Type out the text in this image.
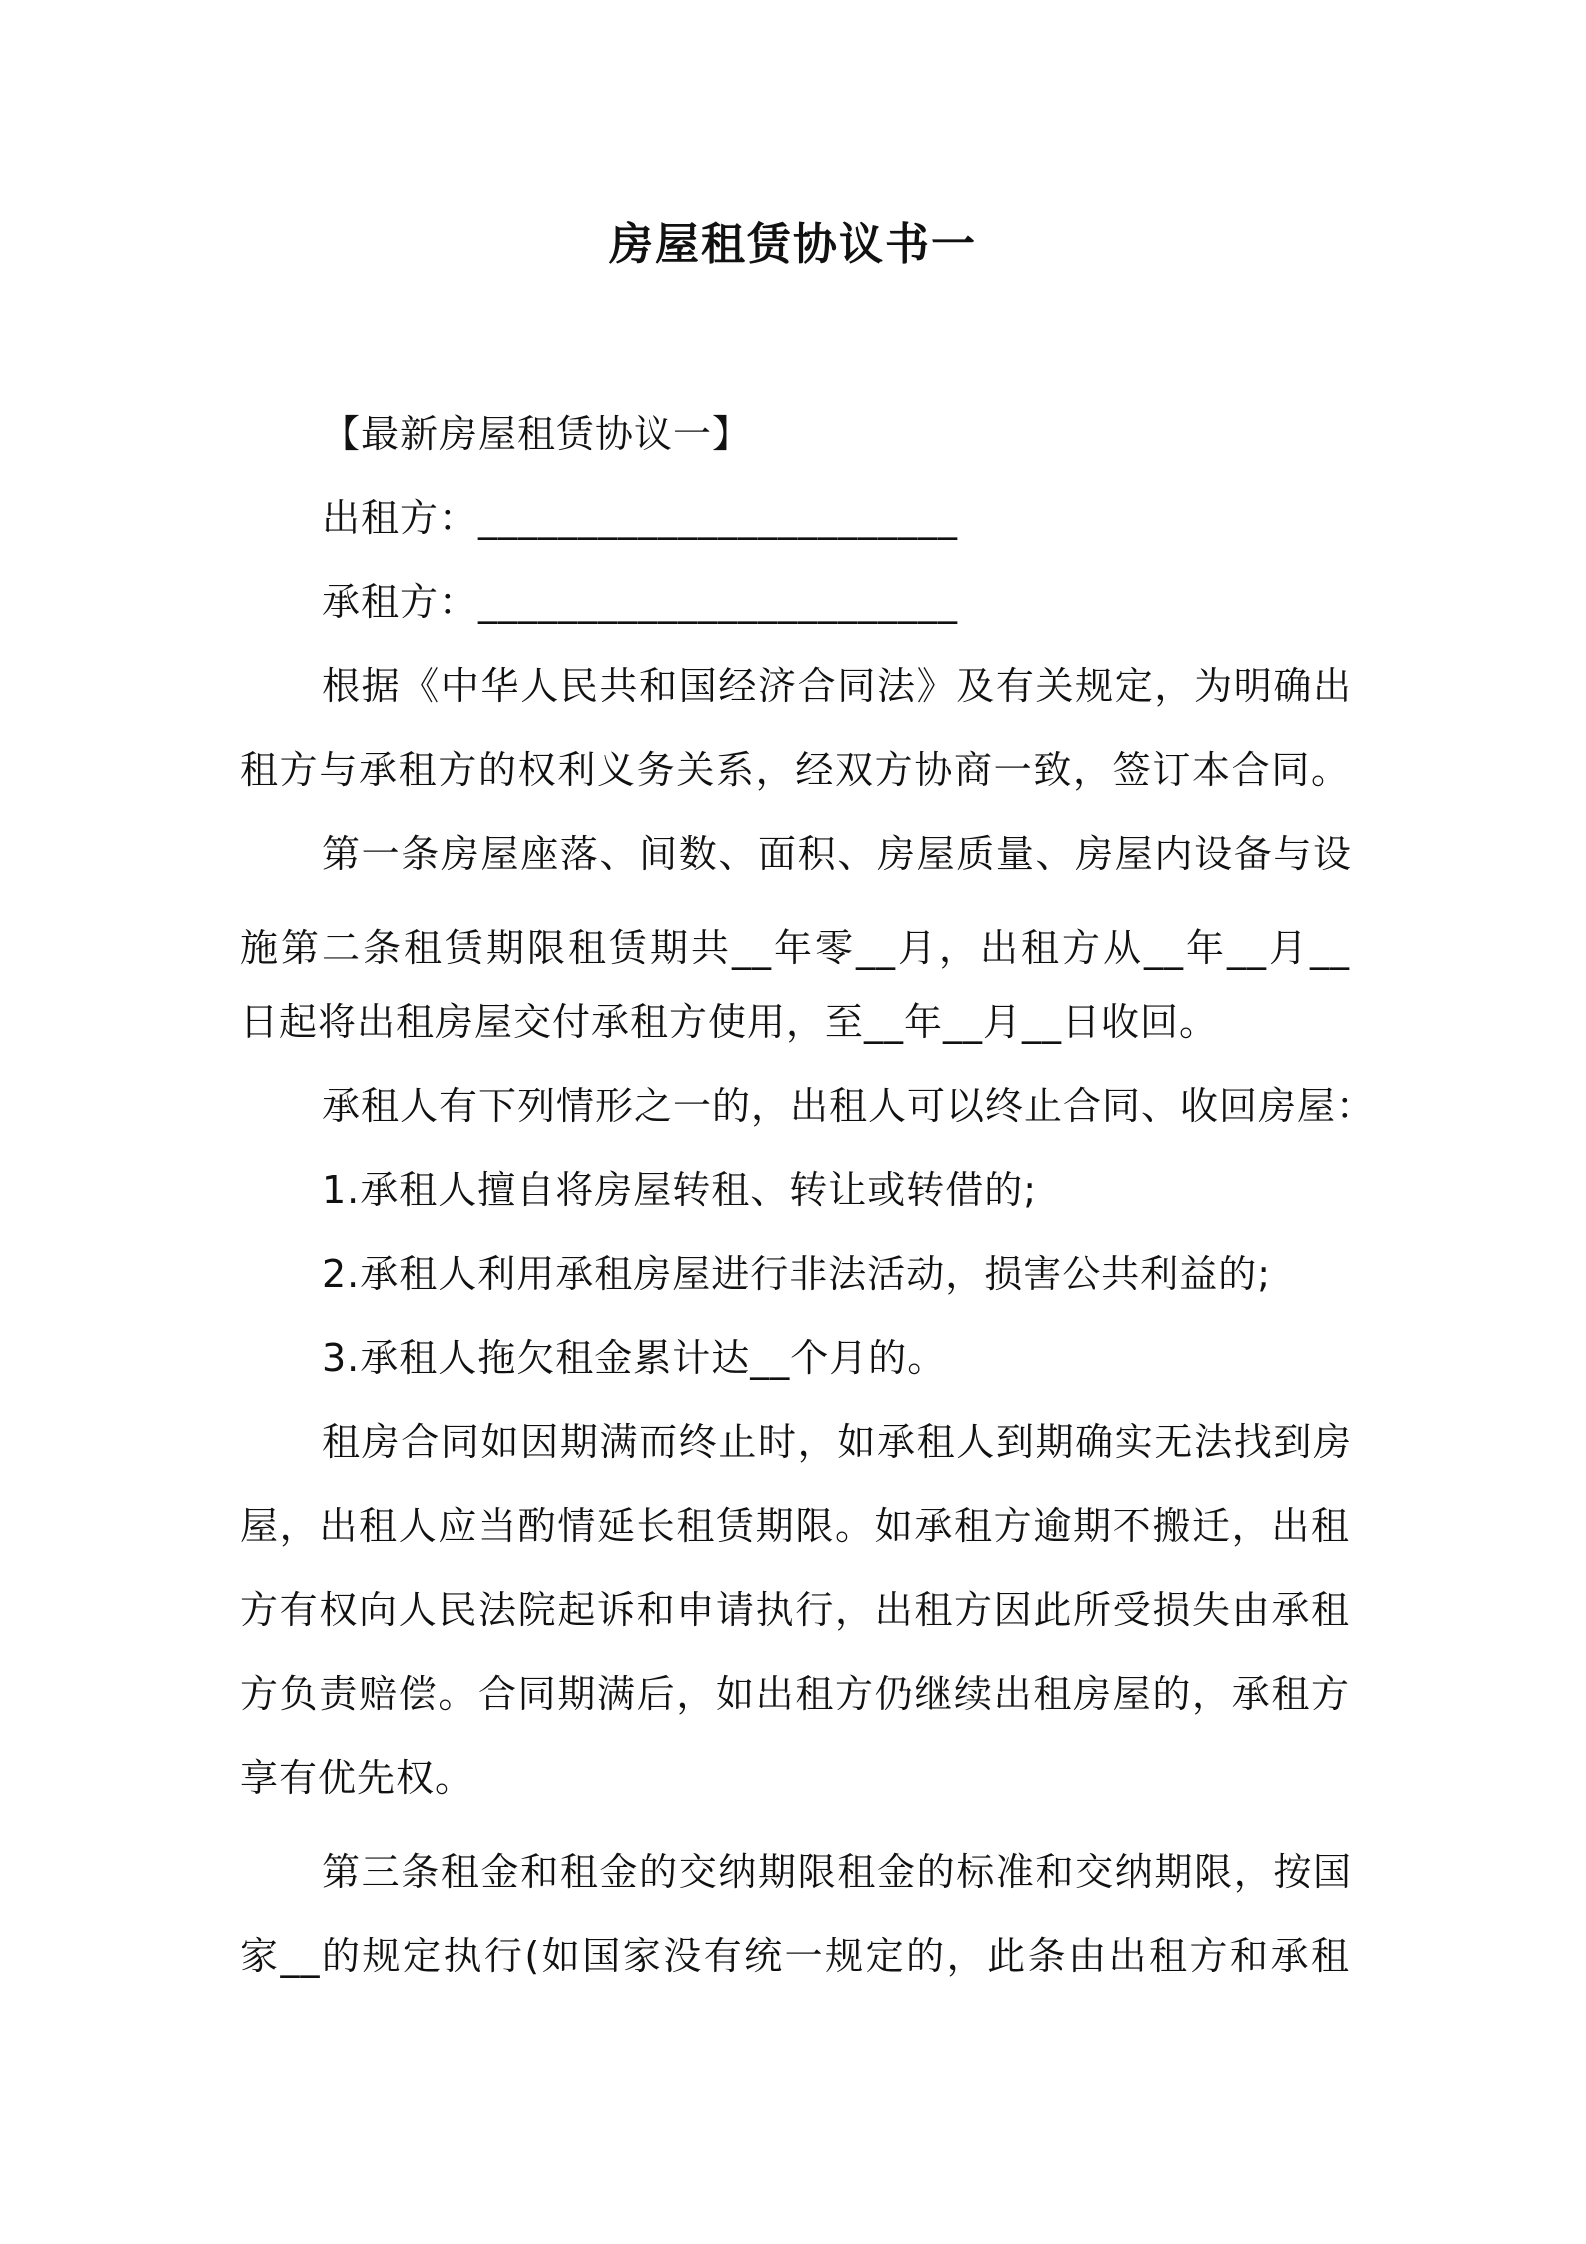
房屋租赁协议书一
【最新房屋租赁协议一】
出租方：________________________
承租方：________________________
根据《中华人民共和国经济合同法》及有关规定，为明确出
租方与承租方的权利义务关系，经双方协商一致，签订本合同。
第一条房屋座落、间数、面积、房屋质量、房屋内设备与设
施第二条租赁期限租赁期共__年零__月，出租方从__年__月__
日起将出租房屋交付承租方使用，至__年__月__日收回。
承租人有下列情形之一的，出租人可以终止合同、收回房屋：
1.承租人擅自将房屋转租、转让或转借的;
2.承租人利用承租房屋进行非法活动，损害公共利益的;
3.承租人拖欠租金累计达__个月的。
租房合同如因期满而终止时，如承租人到期确实无法找到房
屋，出租人应当酌情延长租赁期限。如承租方逾期不搬迁，出租
方有权向人民法院起诉和申请执行，出租方因此所受损失由承租
方负责赔偿。合同期满后，如出租方仍继续出租房屋的，承租方
享有优先权。
第三条租金和租金的交纳期限租金的标准和交纳期限，按国
家__的规定执行(如国家没有统一规定的，此条由出租方和承租
